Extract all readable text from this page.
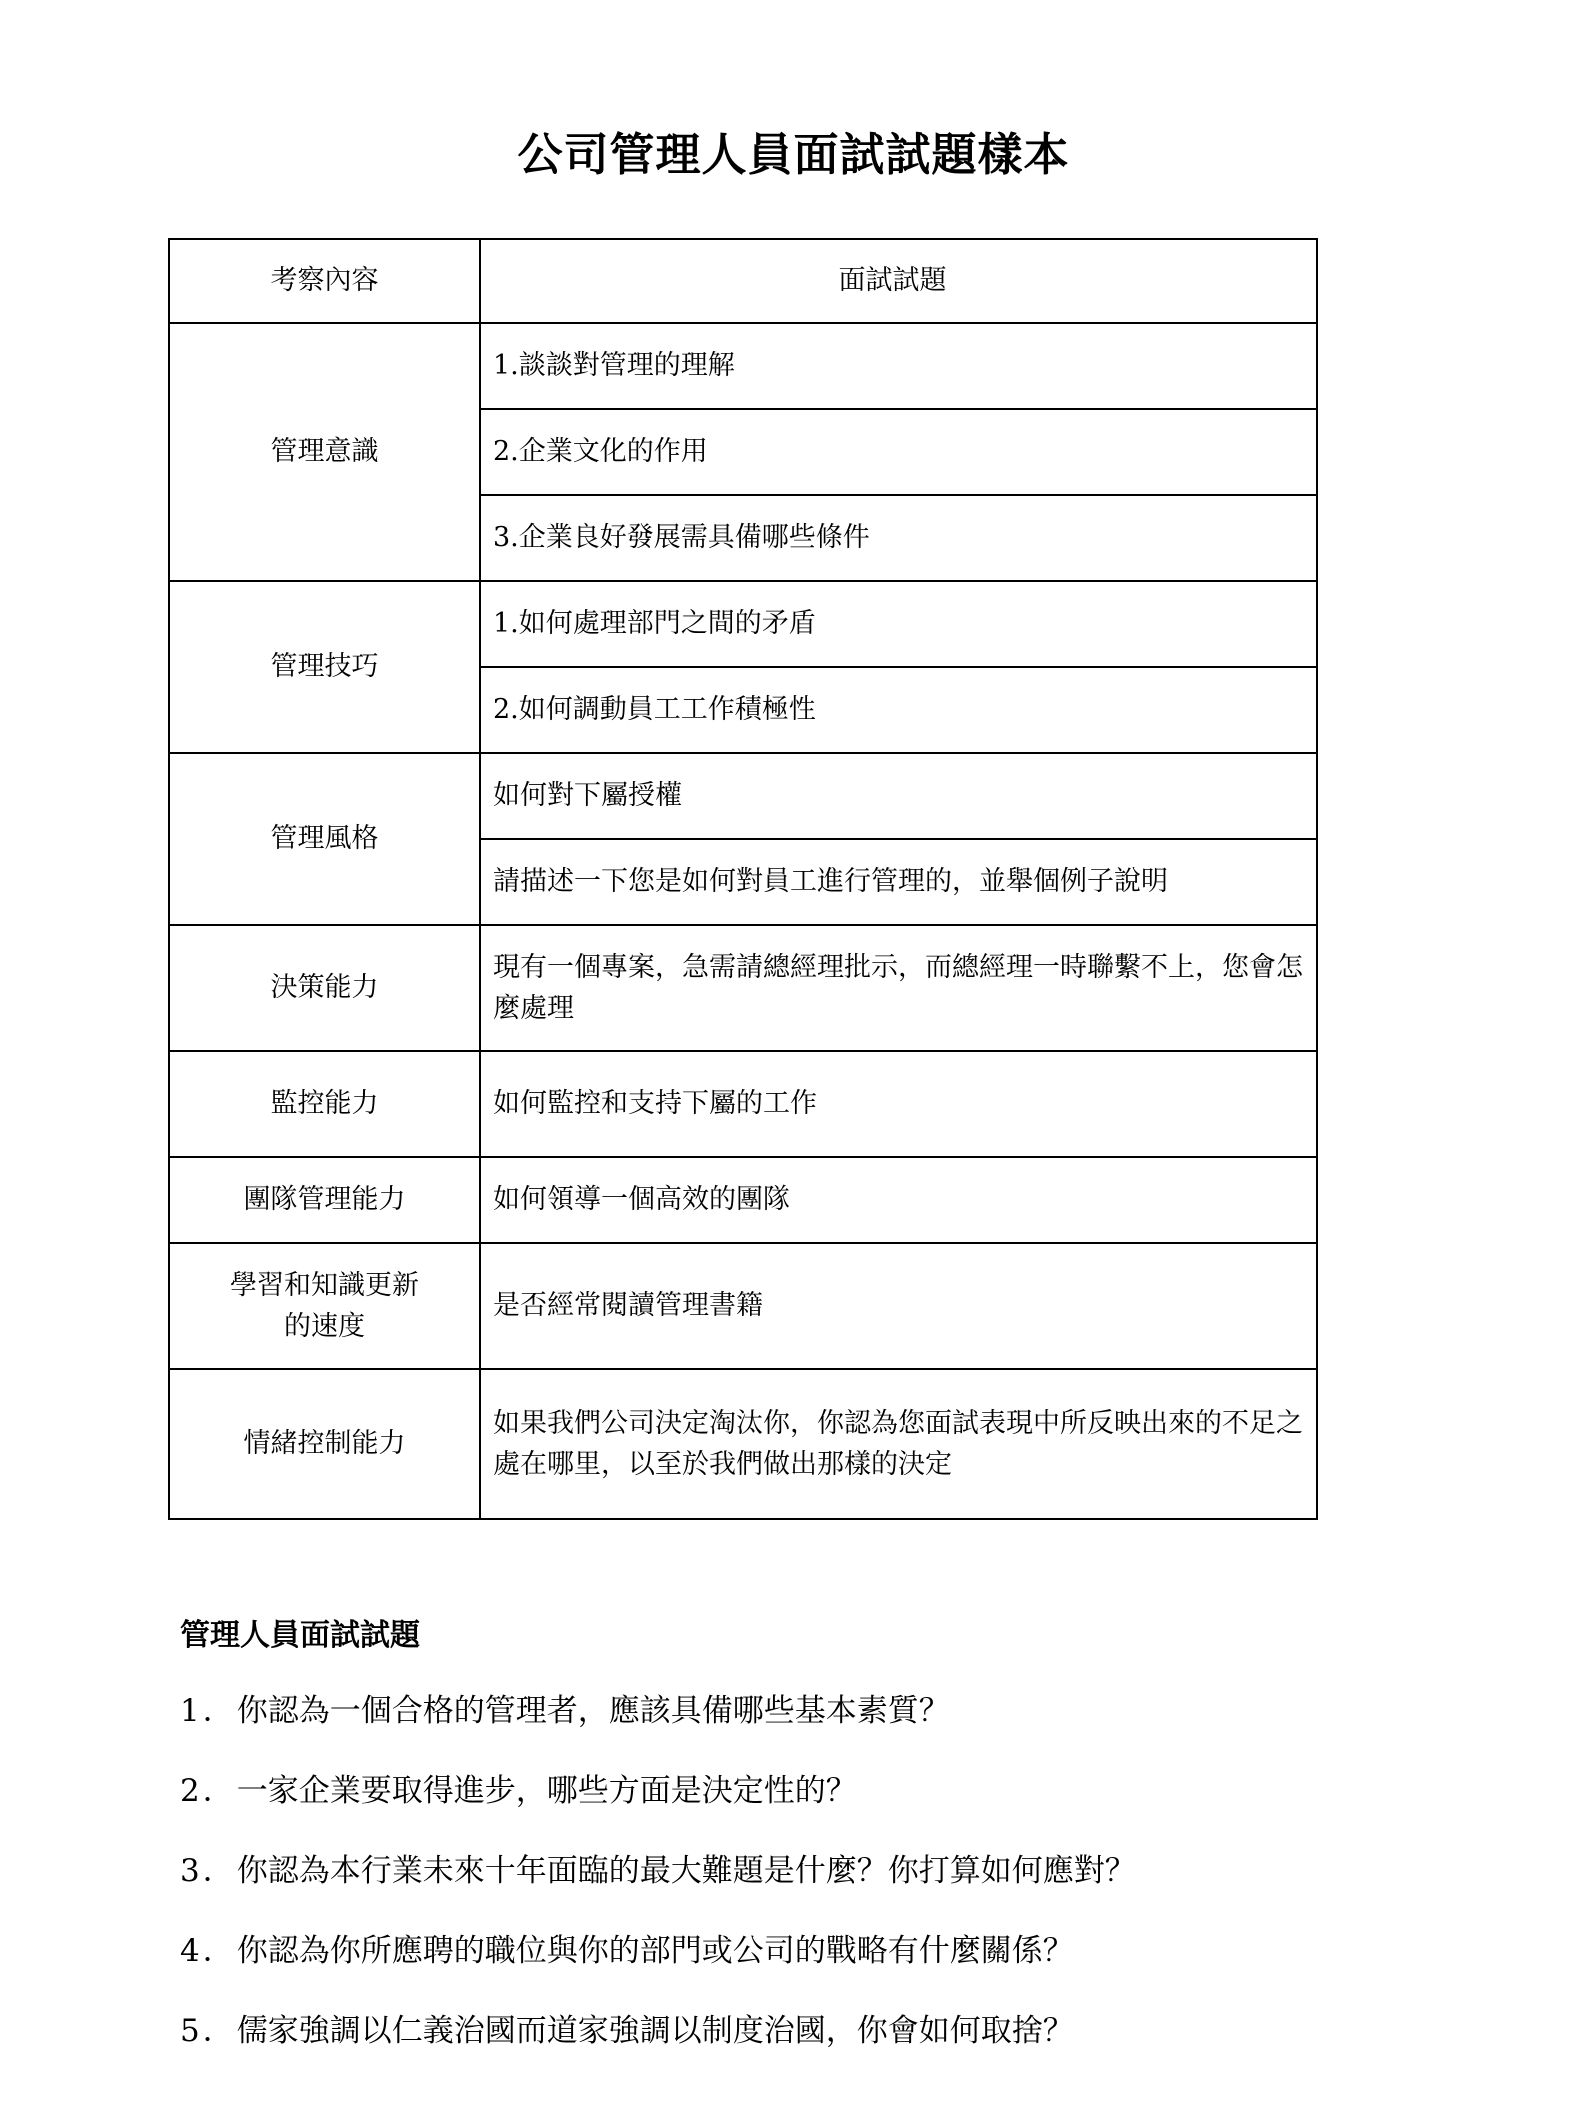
公司管理人員面試試題樣本
考察內容	面試試題
管理意識	1.談談對管理的理解
	2.企業文化的作用
	3.企業良好發展需具備哪些條件
管理技巧	1.如何處理部門之間的矛盾
	2.如何調動員工工作積極性
管理風格	如何對下屬授權
	請描述一下您是如何對員工進行管理的，並舉個例子說明
決策能力	現有一個專案，急需請總經理批示，而總經理一時聯繫不上，您會怎麼處理
監控能力	如何監控和支持下屬的工作
團隊管理能力	如何領導一個高效的團隊

學習和知識更新
的速度	是否經常閱讀管理書籍
情緒控制能力	如果我們公司決定淘汰你，你認為您面試表現中所反映出來的不足之處在哪里，以至於我們做出那樣的決定
管理人員面試試題

1．你認為一個合格的管理者，應該具備哪些基本素質？

2．一家企業要取得進步，哪些方面是決定性的？

3．你認為本行業未來十年面臨的最大難題是什麼？你打算如何應對？

4．你認為你所應聘的職位與你的部門或公司的戰略有什麼關係？

5．儒家強調以仁義治國而道家強調以制度治國，你會如何取捨？
